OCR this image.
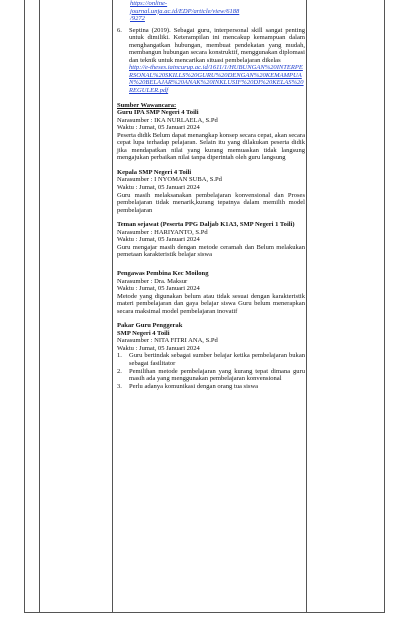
https://online-
journal.unja.ac.id/EDP/article/view/6188
/9272
6. Septina (2019). Sebagai guru, interpersonal skill sangat penting untuk dimiliki. Keterampilan ini mencakup kemampuan dalam menghangatkan hubungan, membuat pendekatan yang mudah, membangun hubungan secara konstruktif, menggunakan diplomasi dan teknik untuk mencarikan situasi pembelajaran dikelas

http://e-theses.iaincurup.ac.id/1611/1/HUBUNGAN%20INTERPERSONAL%20SKILLS%20GURU%20DENGAN%20KEMAMPUAN%20BELAJAR%20ANAK%20INKLUSIF%20DI%20KELAS%20REGULER.pdf
Sumber Wawancara:
Guru IPA SMP Negeri 4 Toili
Narasumber : IKA NURLAELA, S.Pd
Waktu : Jumat, 05 Januari 2024

Peserta didik Belum dapat menangkap konsep secara cepat, akan secara cepat lupa terhadap pelajaran. Selain itu yang dilakukan peserta didik jika mendapatkan nilai yang kurang memuaskan tidak langsung mengajukan perbaikan nilai tanpa diperintah oleh guru langsung

Kepala SMP Negeri 4 Toili
Narasumber : I NYOMAN SUBA, S.Pd
Waktu : Jumat, 05 Januari 2024

Guru masih melaksanakan pembelajaran konvensional dan Proses pembelajaran tidak menarik,kurang tepatnya dalam memilih model pembelajaran

Teman sejawat (Peserta PPG Daljab K1A3, SMP Negeri 1 Toili)
Narasumber : HARIYANTO, S.Pd
Waktu : Jumat, 05 Januari 2024

Guru mengajar masih dengan metode ceramah dan Belum melakukan pemetaan karakteristik belajar siswa

Pengawas Pembina Kec Moilong
Narasumber : Dra. Maksur
Waktu : Jumat, 05 Januari 2024

Metode yang digunakan belum atau tidak sesuai dengan karakteristik materi pembelajaran dan gaya belajar siswa Guru belum menerapkan secara maksimal model pembelajaran inovatif

Pakar Guru Penggerak
SMP Negeri 4 Toili
Narasumber : NITA FITRI ANA, S.Pd
Waktu : Jumat, 05 Januari 2024
1. Guru bertindak sebagai sumber belajar ketika pembelajaran bukan sebagai fasilitator

2. Pemilihan metode pembelajaran yang kurang tepat dimana guru masih ada yang menggunakan pembelajaran konvensional

3. Perlu adanya komunikasi dengan orang tua siswa
